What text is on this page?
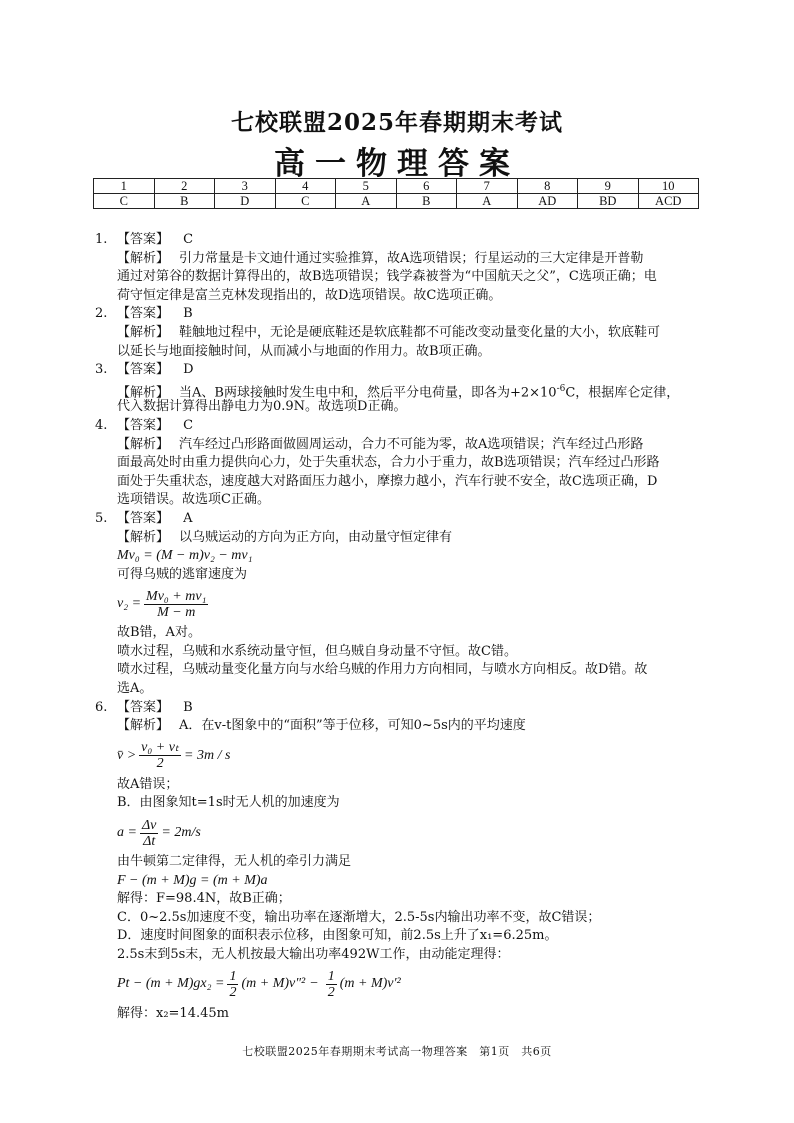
七校联盟2025年春期期末考试
高一物理答案
1	2	3	4	5	6	7	8	9	10
C	B	D	C	A	B	A	AD	BD	ACD
1. 【答案】 C
【解析】 引力常量是卡文迪什通过实验推算，故A选项错误；行星运动的三大定律是开普勒
通过对第谷的数据计算得出的，故B选项错误；钱学森被誉为“中国航天之父”，C选项正确；电
荷守恒定律是富兰克林发现指出的，故D选项错误。故C选项正确。
2. 【答案】 B
【解析】 鞋触地过程中，无论是硬底鞋还是软底鞋都不可能改变动量变化量的大小，软底鞋可
以延长与地面接触时间，从而减小与地面的作用力。故B项正确。
3. 【答案】 D
【解析】 当A、B两球接触时发生电中和，然后平分电荷量，即各为$+2\times 10^{-6}C$，根据库仑定律，
代入数据计算得出静电力为0.9N。故选项D正确。
4. 【答案】 C
【解析】 汽车经过凸形路面做圆周运动，合力不可能为零，故A选项错误；汽车经过凸形路
面最高处时由重力提供向心力，处于失重状态，合力小于重力，故B选项错误；汽车经过凸形路
面处于失重状态，速度越大对路面压力越小，摩擦力越小，汽车行驶不安全，故C选项正确，D
选项错误。故选项C正确。
5. 【答案】 A
【解析】 以乌贼运动的方向为正方向，由动量守恒定律有
Mv₀ = (M − m)v₂ − mv₁
可得乌贼的逃窜速度为
$v_2 = \frac{\text{Mv₀ + mv₁}}{M - m}$
故B错，A对。
喷水过程，乌贼和水系统动量守恒，但乌贼自身动量不守恒。故C错。
喷水过程，乌贼动量变化量方向与水给乌贼的作用力方向相同，与喷水方向相反。故D错。故
选A。
6. 【答案】 B
【解析】 A．在v-t图象中的“面积”等于位移，可知0~5s内的平均速度
v̄ > $\frac{\text{v₀ + vₜ}}{2} = 3m / s$
故A错误；
B．由图象知t=1s时无人机的加速度为
$a = \frac{\Delta v}{\Delta t} = 2m/s$
由牛顿第二定律得，无人机的牵引力满足
F − (m + M)g = (m + M)a
解得：F=98.4N，故B正确；
C．0~2.5s加速度不变，输出功率在逐渐增大，2.5-5s内输出功率不变，故C错误；
D．速度时间图象的面积表示位移，由图象可知，前2.5s上升了x₁=6.25m。
2.5s末到5s末，无人机按最大输出功率492W工作，由动能定理得：
$Pt - (m + M)gx_2 = \frac{1}{2} (m + M)v''^2 - \frac{1}{2} (m + M)v'^2$
解得：x₂=14.45m
七校联盟2025年春期期末考试高一物理答案　第1页　共6页
